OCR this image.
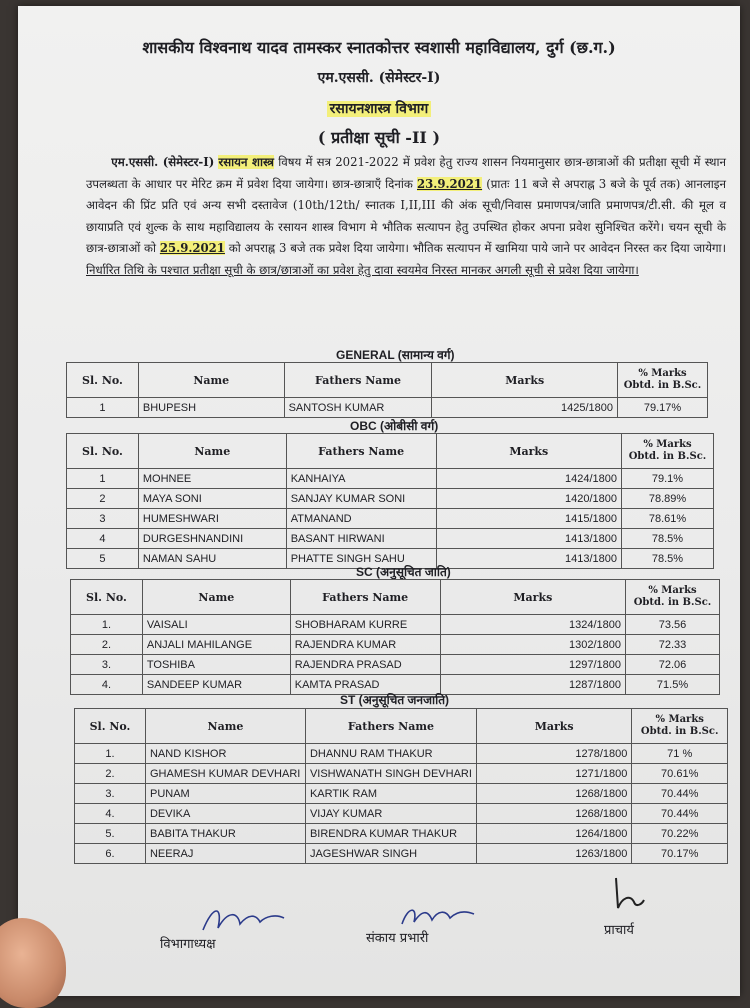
शासकीय विश्वनाथ यादव तामस्कर स्नातकोत्तर स्वशासी महाविद्यालय, दुर्ग (छ.ग.)
एम.एससी. (सेमेस्टर-I)
रसायनशास्त्र विभाग
( प्रतीक्षा सूची -II )
एम.एससी. (सेमेस्टर-I) रसायन शास्त्र विषय में सत्र 2021-2022 में प्रवेश हेतु राज्य शासन नियमानुसार छात्र-छात्राओं की प्रतीक्षा सूची में स्थान उपलब्धता के आधार पर मेरिट क्रम में प्रवेश दिया जायेगा। छात्र-छात्राएँ दिनांक 23.9.2021 (प्रातः 11 बजे से अपराह्न 3 बजे के पूर्व तक) आनलाइन आवेदन की प्रिंट प्रति एवं अन्य सभी दस्तावेज (10th/12th/ स्नातक I,II,III की अंक सूची/निवास प्रमाणपत्र/जाति प्रमाणपत्र/टी.सी. की मूल व छायाप्रति एवं शुल्क के साथ महाविद्यालय के रसायन शास्त्र विभाग मे भौतिक सत्यापन हेतु उपस्थित होकर अपना प्रवेश सुनिश्चित करेंगे। चयन सूची के छात्र-छात्राओं को 25.9.2021 को अपराह्न 3 बजे तक प्रवेश दिया जायेगा। भौतिक सत्यापन में खामिया पाये जाने पर आवेदन निरस्त कर दिया जायेगा। निर्धारित तिथि के पश्चात प्रतीक्षा सूची के छात्र/छात्राओं का प्रवेश हेतु दावा स्वयमेव निरस्त मानकर अगली सूची से प्रवेश दिया जायेगा।
GENERAL (सामान्य वर्ग)
Sl. No.	Name	Fathers Name	Marks	% Marks
Obtd. in B.Sc.
1	BHUPESH	SANTOSH KUMAR	1425/1800	79.17%
OBC (ओबीसी वर्ग)
Sl. No.	Name	Fathers Name	Marks	% Marks
Obtd. in B.Sc.
1	MOHNEE	KANHAIYA	1424/1800	79.1%
2	MAYA SONI	SANJAY KUMAR SONI	1420/1800	78.89%
3	HUMESHWARI	ATMANAND	1415/1800	78.61%
4	DURGESHNANDINI	BASANT HIRWANI	1413/1800	78.5%
5	NAMAN SAHU	PHATTE SINGH SAHU	1413/1800	78.5%
SC (अनुसूचित जाति)
Sl. No.	Name	Fathers Name	Marks	% Marks
Obtd. in B.Sc.
1.	VAISALI	SHOBHARAM KURRE	1324/1800	73.56
2.	ANJALI MAHILANGE	RAJENDRA KUMAR	1302/1800	72.33
3.	TOSHIBA	RAJENDRA PRASAD	1297/1800	72.06
4.	SANDEEP KUMAR	KAMTA PRASAD	1287/1800	71.5%
ST (अनुसूचित जनजाति)
Sl. No.	Name	Fathers Name	Marks	% Marks
Obtd. in B.Sc.
1.	NAND KISHOR	DHANNU RAM THAKUR	1278/1800	71 %
2.	GHAMESH KUMAR DEVHARI	VISHWANATH SINGH DEVHARI	1271/1800	70.61%
3.	PUNAM	KARTIK RAM	1268/1800	70.44%
4.	DEVIKA	VIJAY KUMAR	1268/1800	70.44%
5.	BABITA THAKUR	BIRENDRA KUMAR THAKUR	1264/1800	70.22%
6.	NEERAJ	JAGESHWAR SINGH	1263/1800	70.17%
विभागाध्यक्ष	संकाय प्रभारी
प्राचार्य
